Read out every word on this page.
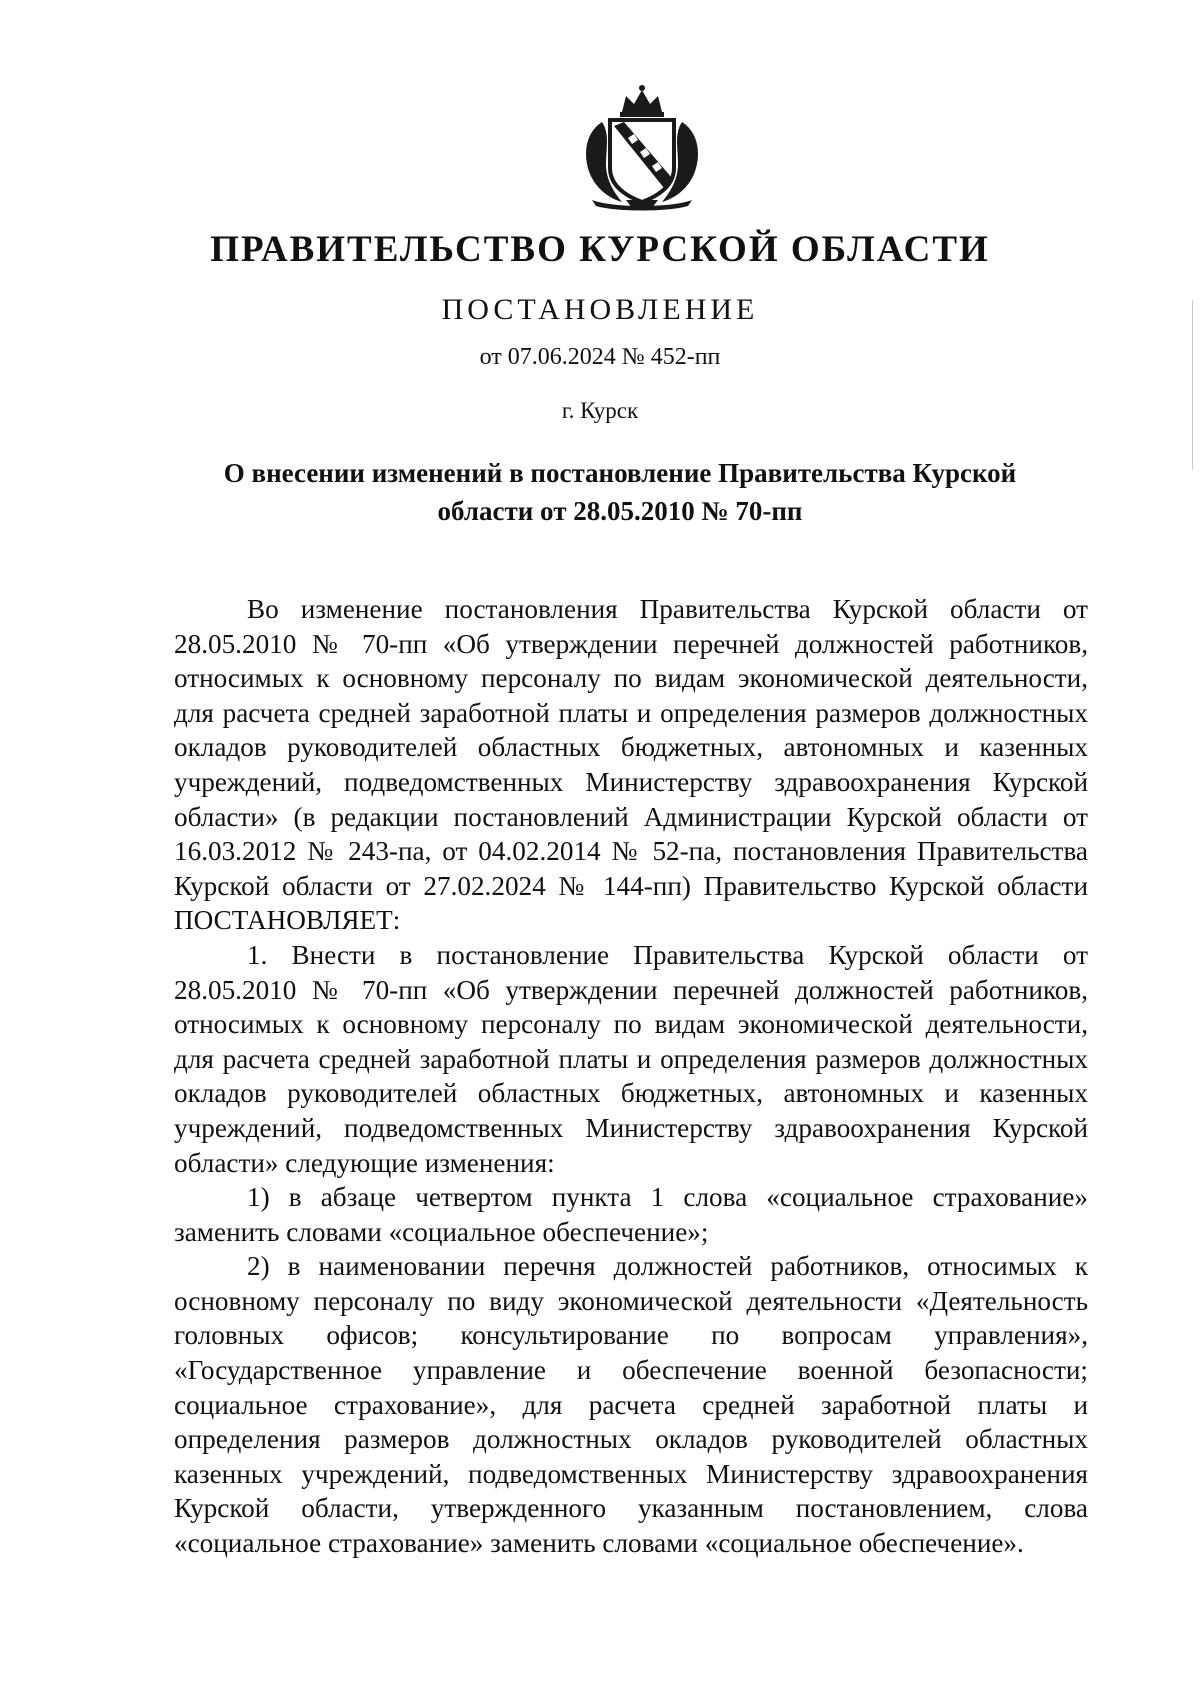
ПРАВИТЕЛЬСТВО КУРСКОЙ ОБЛАСТИ
ПОСТАНОВЛЕНИЕ
от 07.06.2024 № 452-пп
г. Курск
О внесении изменений в постановление Правительства Курской
области от 28.05.2010 № 70-пп

Во изменение постановления Правительства Курской области от 28.05.2010 № 70-пп «Об утверждении перечней должностей работников, относимых к основному персоналу по видам экономической деятельности, для расчета средней заработной платы и определения размеров должностных окладов руководителей областных бюджетных, автономных и казенных учреждений, подведомственных Министерству здравоохранения Курской области» (в редакции постановлений Администрации Курской области от 16.03.2012 № 243-па, от 04.02.2014 № 52-па, постановления Правительства Курской области от 27.02.2024 № 144-пп) Правительство Курской области ПОСТАНОВЛЯЕТ:

1. Внести в постановление Правительства Курской области от 28.05.2010 № 70-пп «Об утверждении перечней должностей работников, относимых к основному персоналу по видам экономической деятельности, для расчета средней заработной платы и определения размеров должностных окладов руководителей областных бюджетных, автономных и казенных учреждений, подведомственных Министерству здравоохранения Курской области» следующие изменения:

1) в абзаце четвертом пункта 1 слова «социальное страхование» заменить словами «социальное обеспечение»;

2) в наименовании перечня должностей работников, относимых к основному персоналу по виду экономической деятельности «Деятельность головных офисов; консультирование по вопросам управления», «Государственное управление и обеспечение военной безопасности; социальное страхование», для расчета средней заработной платы и определения размеров должностных окладов руководителей областных казенных учреждений, подведомственных Министерству здравоохранения Курской области, утвержденного указанным постановлением, слова «социальное страхование» заменить словами «социальное обеспечение».
